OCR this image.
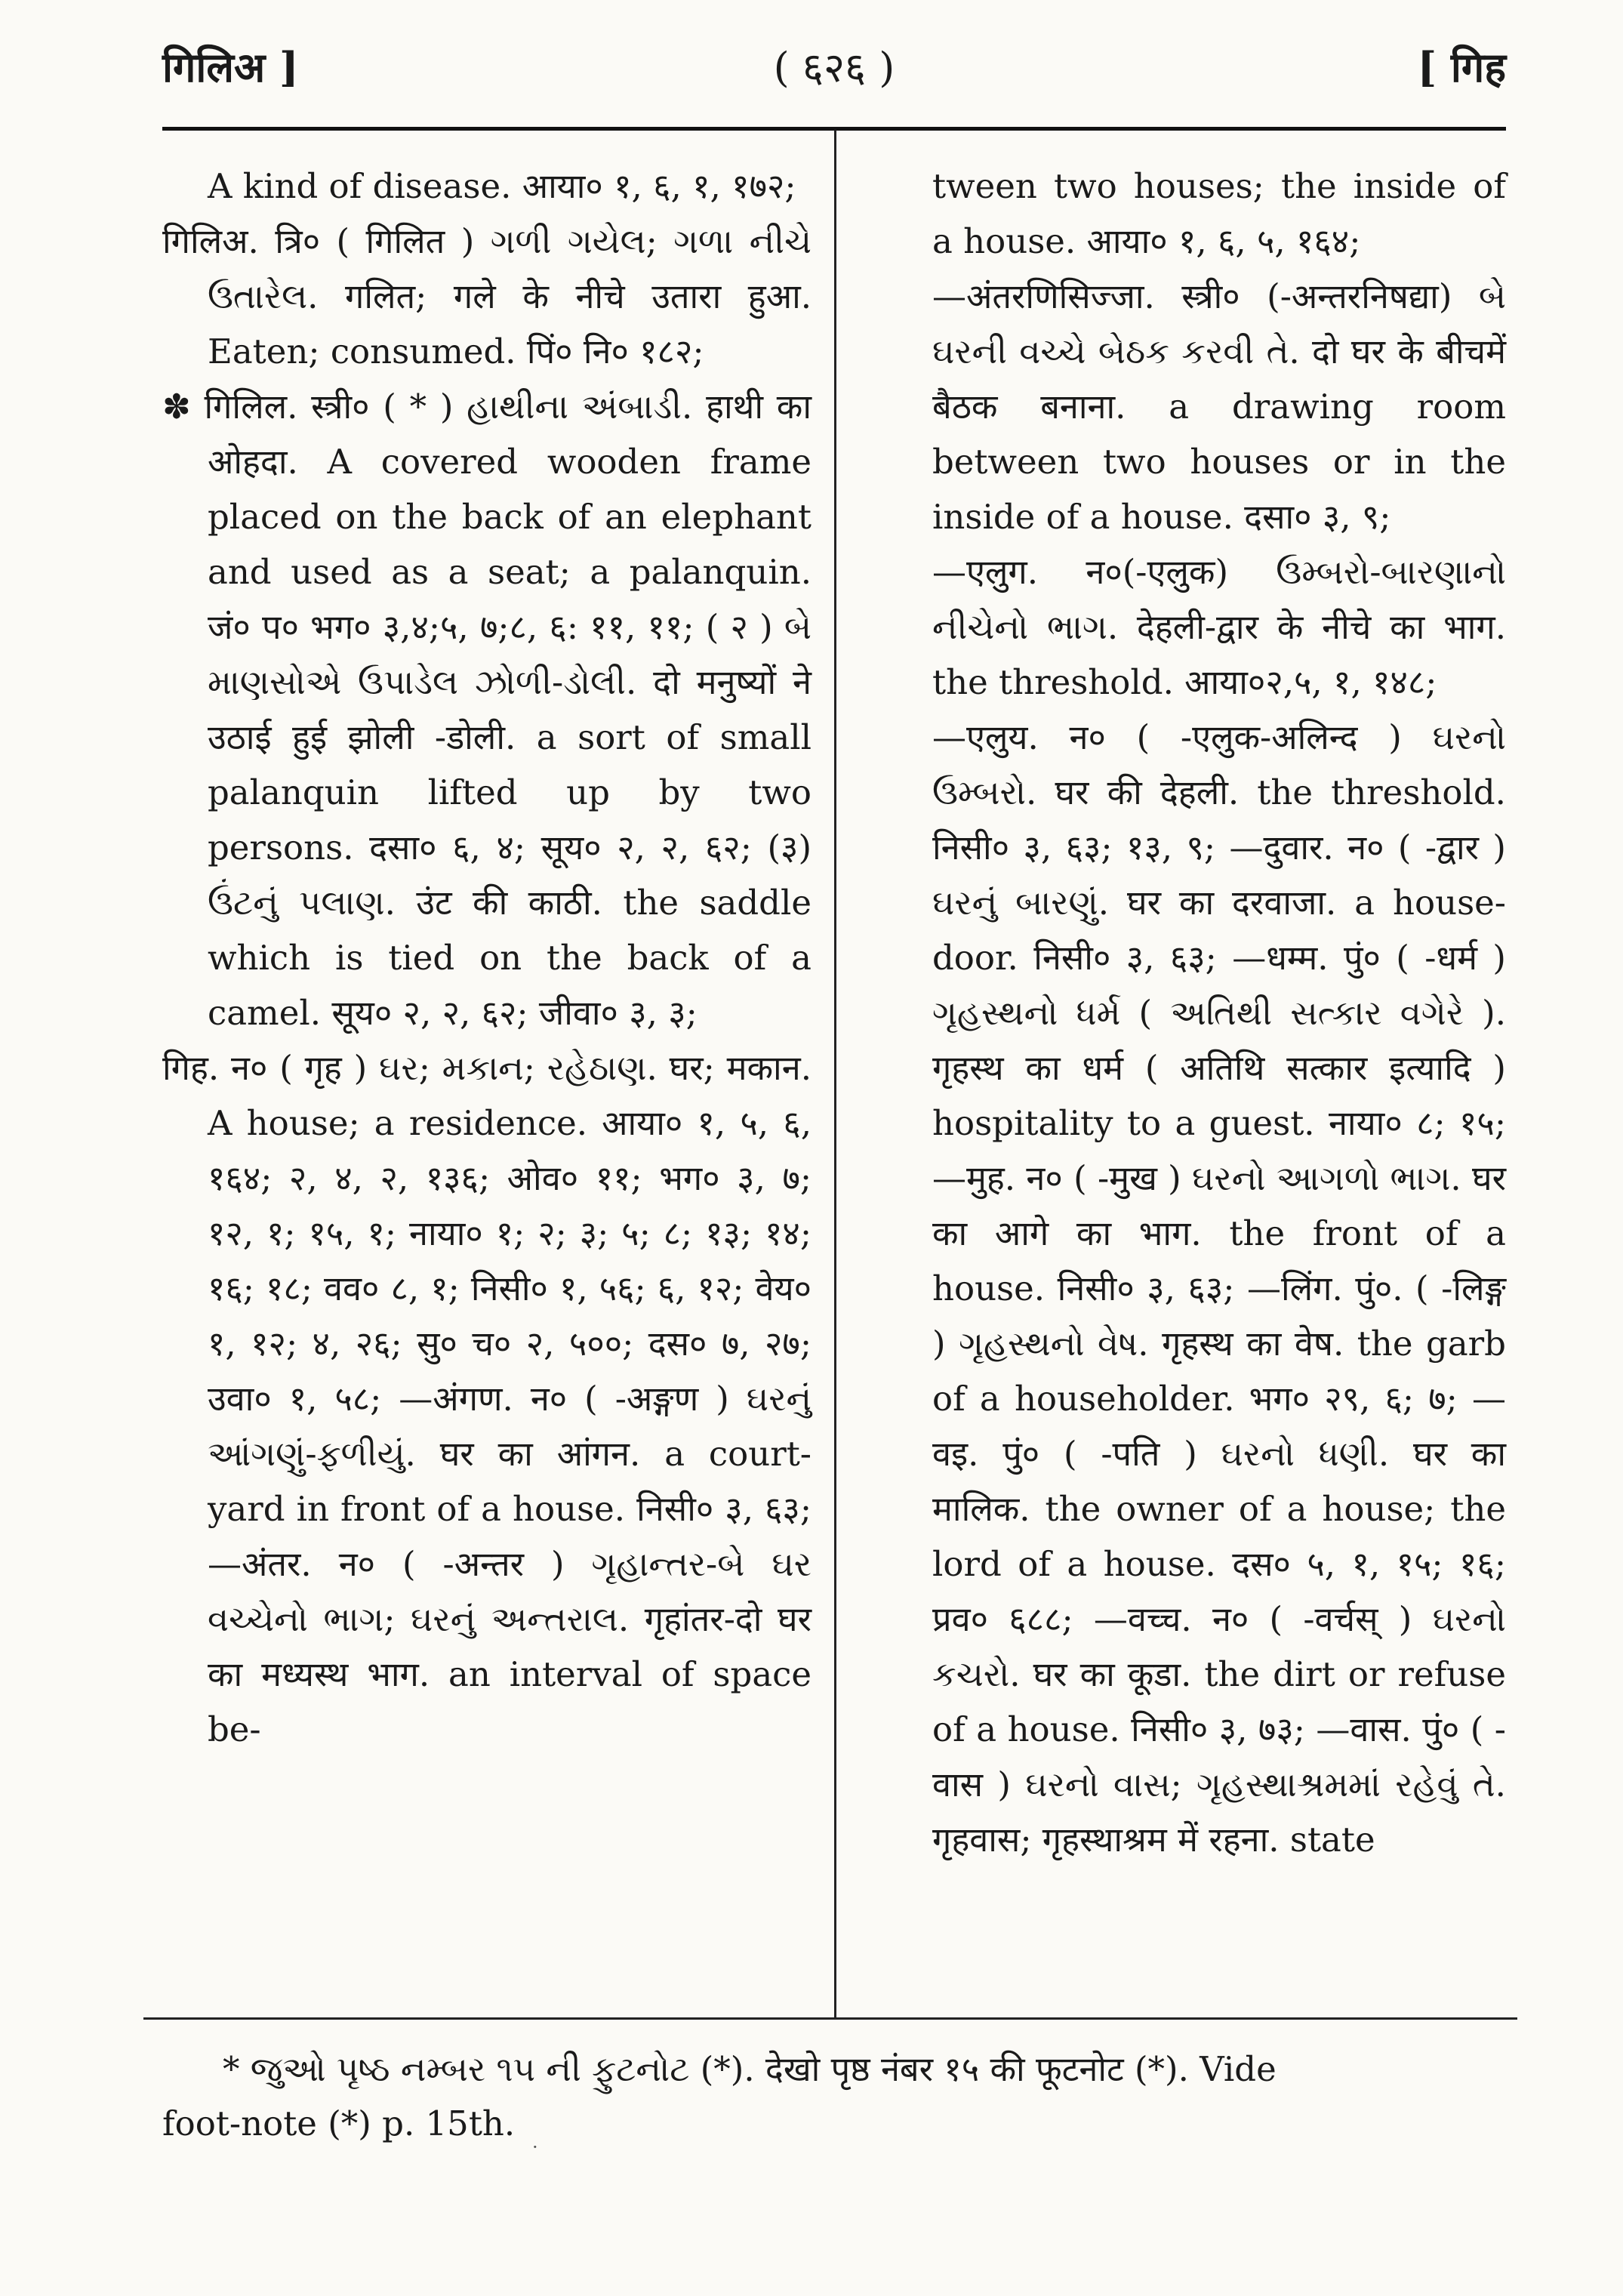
गिलिअ ]	( ६२६ )	[ गिह

A kind of disease. आया० १, ६, १, १७२;

गिलिअ. त्रि० ( गिलित ) ગળી ગયેલ; ગળા નીચે ઉતારેલ. गलित; गले के नीचे उतारा हुआ. Eaten; consumed. पिं० नि० १८२;

✽ गिलिल. स्त्री० ( * ) હાથીના અંબાડી. हाथी का ओहदा. A covered wooden frame placed on the back of an elephant and used as a seat; a palanquin. जं० प० भग० ३,४;५, ७;८, ६: ११, ११; ( २ ) બે માણસોએ ઉપાડેલ ઝોળી-ડોલી. दो मनुष्यों ने उठाई हुई झोली -डोली. a sort of small palanquin lifted up by two persons. दसा० ६, ४; सूय० २, २, ६२; (३) ઉંટનું પલાણ. उंट की काठी. the saddle which is tied on the back of a camel. सूय० २, २, ६२; जीवा० ३, ३;

गिह. न० ( गृह ) ઘર; મકાન; રહેઠાણ. घर; मकान. A house; a residence. आया० १, ५, ६, १६४; २, ४, २, १३६; ओव० ११; भग० ३, ७; १२, १; १५, १; नाया० १; २; ३; ५; ८; १३; १४; १६; १८; वव० ८, १; निसी० १, ५६; ६, १२; वेय० १, १२; ४, २६; सु० च० २, ५००; दस० ७, २७; उवा० १, ५८; —अंगण. न० ( -अङ्गण ) ઘરનું આંગણું-ફળીયું. घर का आंगन. a court-yard in front of a house. निसी० ३, ६३; —अंतर. न० ( -अन्तर ) ગૃહાન્તર-બે ઘર વચ્ચેનો ભાગ; ઘરનું અન્તરાલ. गृहांतर-दो घर का मध्यस्थ भाग. an interval of space be-

tween two houses; the inside of a house. आया० १, ६, ५, १६४;

—अंतरणिसिज्जा. स्त्री० (-अन्तरनिषद्या) બે ઘરની વચ્ચે બેઠક કરવી તે. दो घर के बीचमें बैठक बनाना. a drawing room between two houses or in the inside of a house. दसा० ३, ९;

—एलुग. न०(-एलुक) ઉમ્બરો-બારણાનો નીચેનો ભાગ. देहली-द्वार के नीचे का भाग. the threshold. आया०२,५, १, १४८;

—एलुय. न० ( -एलुक-अलिन्द ) ઘરનો ઉમ્બરો. घर की देहली. the threshold. निसी० ३, ६३; १३, ९; —दुवार. न० ( -द्वार ) ઘરનું બારણું. घर का दरवाजा. a house-door. निसी० ३, ६३; —धम्म. पुं० ( -धर्म ) ગૃહસ્થનો ધર્મ ( અતિથી સત્કાર વગેરે ). गृहस्थ का धर्म ( अतिथि सत्कार इत्यादि ) hospitality to a guest. नाया० ८; १५; —मुह. न० ( -मुख ) ઘરનો આગળો ભાગ. घर का आगे का भाग. the front of a house. निसी० ३, ६३; —लिंग. पुं०. ( -लिङ्ग ) ગૃહસ્થનો વેષ. गृहस्थ का वेष. the garb of a householder. भग० २९, ६; ७; —वइ. पुं० ( -पति ) ઘરનો ધણી. घर का मालिक. the owner of a house; the lord of a house. दस० ५, १, १५; १६; प्रव० ६८८; —वच्च. न० ( -वर्चस् ) ઘરનો કચરો. घर का कूडा. the dirt or refuse of a house. निसी० ३, ७३; —वास. पुं० ( -वास ) ઘરનો વાસ; ગૃહસ્થાશ્રમમાં રહેવું તે. गृहवास; गृहस्थाश्रम में रहना. state

* જુઓ પૃષ્ઠ નમ્બર ૧૫ ની ફુટનોટ (*). देखो पृष्ठ नंबर १५ की फूटनोट (*). Vide
foot-note (*) p. 15th.
·
